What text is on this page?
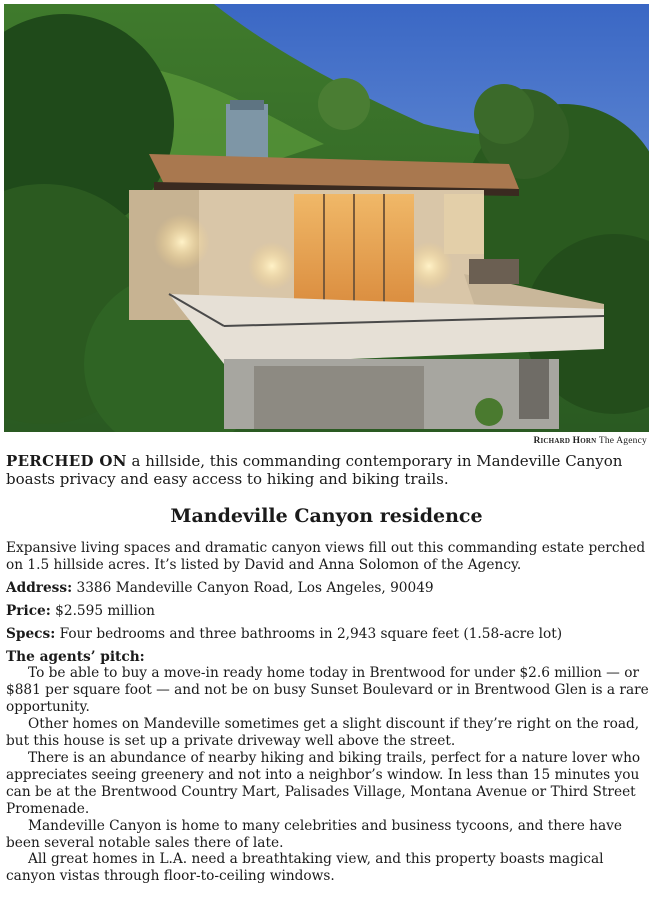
Richard Horn The Agency
PERCHED ON a hillside, this commanding contemporary in Mandeville Canyon boasts privacy and easy access to hiking and biking trails.
Mandeville Canyon residence

Expansive living spaces and dramatic canyon views fill out this commanding estate perched on 1.5 hillside acres. It’s listed by David and Anna Solomon of the Agency.

Address: 3386 Mandeville Canyon Road, Los Angeles, 90049

Price: $2.595 million

Specs: Four bedrooms and three bathrooms in 2,943 square feet (1.58-acre lot)

The agents’ pitch:

To be able to buy a move-in ready home today in Brentwood for under $2.6 million — or $881 per square foot — and not be on busy Sunset Boulevard or in Brentwood Glen is a rare opportunity.

Other homes on Mandeville sometimes get a slight discount if they’re right on the road, but this house is set up a private driveway well above the street.

There is an abundance of nearby hiking and biking trails, perfect for a nature lover who appreciates seeing greenery and not into a neighbor’s window. In less than 15 minutes you can be at the Brentwood Country Mart, Palisades Village, Montana Avenue or Third Street Promenade.

Mandeville Canyon is home to many celebrities and business tycoons, and there have been several notable sales there of late.

All great homes in L.A. need a breathtaking view, and this property boasts magical canyon vistas through floor-to-ceiling windows.
